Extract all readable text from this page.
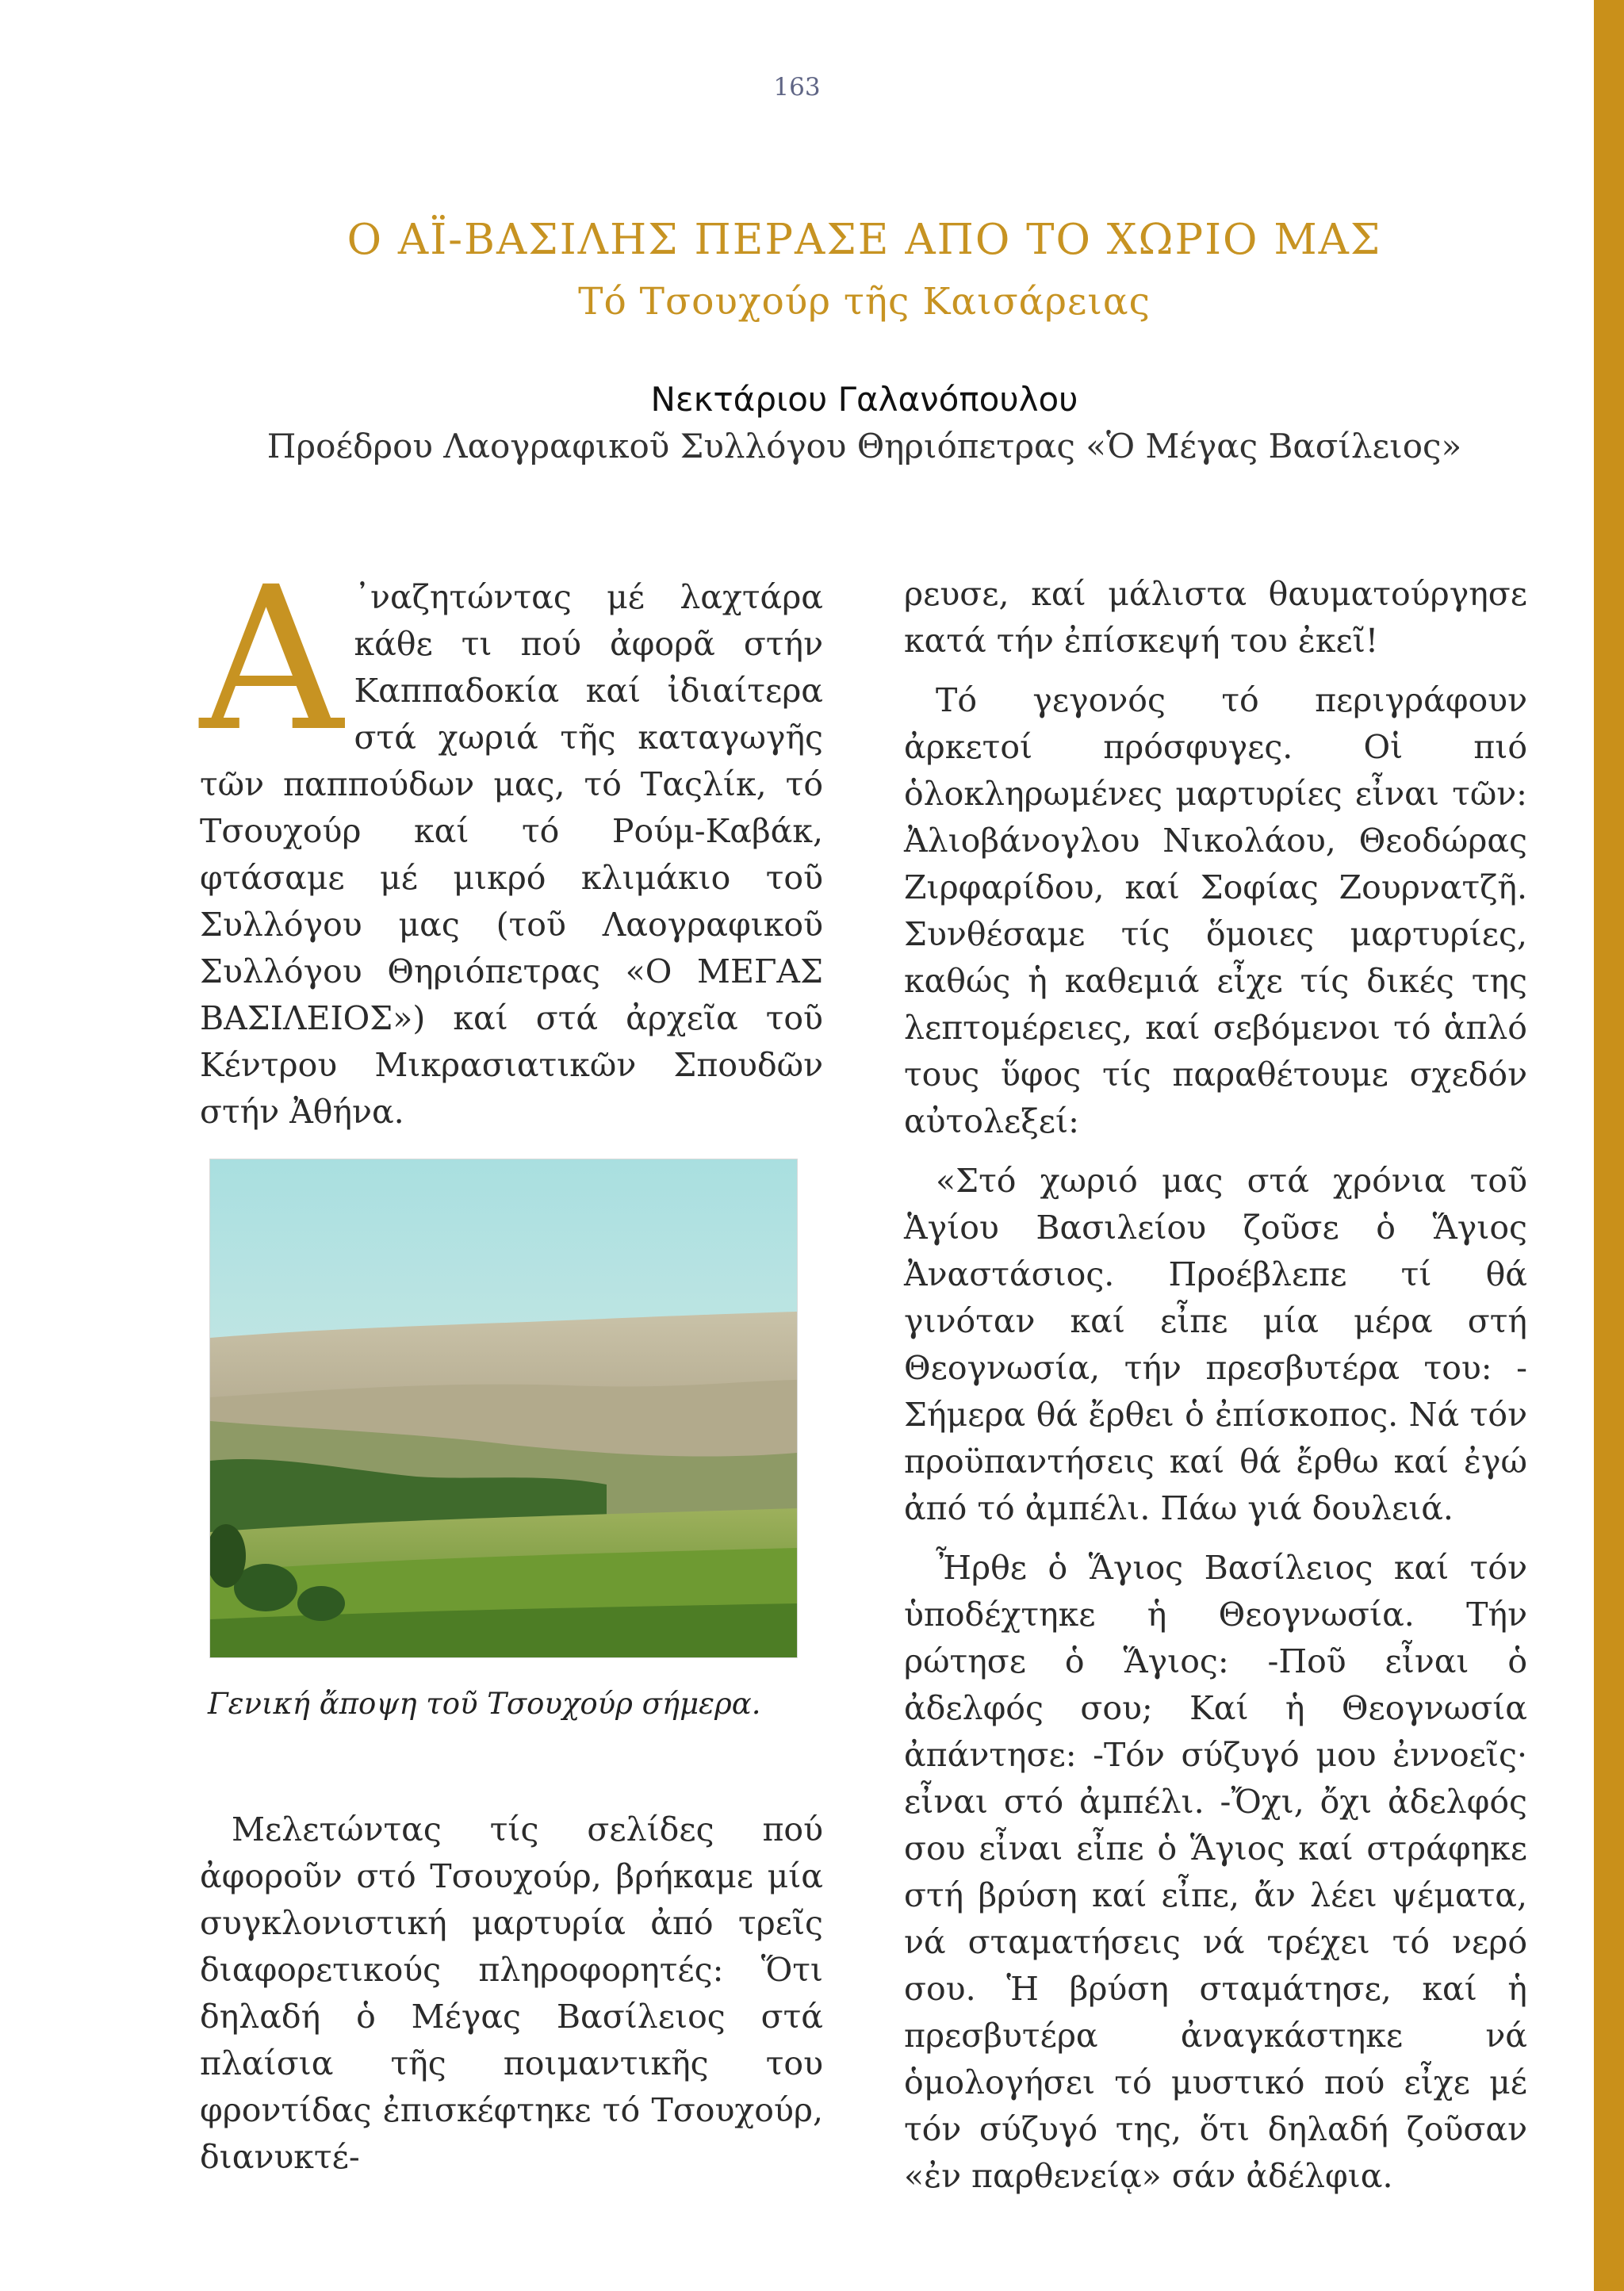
163
Ο ΑΪ-ΒΑΣΙΛΗΣ ΠΕΡΑΣΕ ΑΠΟ ΤΟ ΧΩΡΙΟ ΜΑΣ
Τό Τσουχούρ τῆς Καισάρειας
Νεκτάριου Γαλανόπουλου
Προέδρου Λαογραφικοῦ Συλλόγου Θηριόπετρας «Ὁ Μέγας Βασίλειος»

Α ᾽ναζητώντας μέ λαχτάρα κάθε τι πού ἀφορᾶ στήν Καππαδοκία καί ἰδιαίτερα στά χωριά τῆς καταγωγῆς τῶν παππούδων μας, τό Ταςλίκ, τό Τσουχούρ καί τό Ρούμ-Καβάκ, φτάσαμε μέ μικρό κλιμάκιο τοῦ Συλλόγου μας (τοῦ Λαογραφικοῦ Συλλόγου Θηριόπετρας «Ο ΜΕΓΑΣ ΒΑΣΙΛΕΙΟΣ») καί στά ἀρχεῖα τοῦ Κέντρου Μικρασιατικῶν Σπουδῶν στήν Ἀθήνα.

Γενική ἄποψη τοῦ Τσουχούρ σήμερα.

Μελετώντας τίς σελίδες πού ἀφοροῦν στό Τσουχούρ, βρήκαμε μία συγκλονιστική μαρτυρία ἀπό τρεῖς διαφορετικούς πληροφορητές: Ὅτι δηλαδή ὁ Μέγας Βασίλειος στά πλαίσια τῆς ποιμαντικῆς του φροντίδας ἐπισκέφτηκε τό Τσουχούρ, διανυκτέ-

ρευσε, καί μάλιστα θαυματούργησε κατά τήν ἐπίσκεψή του ἐκεῖ!

Τό γεγονός τό περιγράφουν ἀρκετοί πρόσφυγες. Οἱ πιό ὁλοκληρωμένες μαρτυρίες εἶναι τῶν: Ἀλιοβάνογλου Νικολάου, Θεοδώρας Ζιρφαρίδου, καί Σοφίας Ζουρνατζῆ. Συνθέσαμε τίς ὅμοιες μαρτυρίες, καθώς ἡ καθεμιά εἶχε τίς δικές της λεπτομέρειες, καί σεβόμενοι τό ἁπλό τους ὕφος τίς παραθέτουμε σχεδόν αὐτολεξεί:

«Στό χωριό μας στά χρόνια τοῦ Ἁγίου Βασιλείου ζοῦσε ὁ Ἅγιος Ἀναστάσιος. Προέβλεπε τί θά γινόταν καί εἶπε μία μέρα στή Θεογνωσία, τήν πρεσβυτέρα του: - Σήμερα θά ἔρθει ὁ ἐπίσκοπος. Νά τόν προϋπαντήσεις καί θά ἔρθω καί ἐγώ ἀπό τό ἀμπέλι. Πάω γιά δουλειά.

Ἦρθε ὁ Ἅγιος Βασίλειος καί τόν ὑποδέχτηκε ἡ Θεογνωσία. Τήν ρώτησε ὁ Ἅγιος: -Ποῦ εἶναι ὁ ἀδελφός σου; Καί ἡ Θεογνωσία ἀπάντησε: -Τόν σύζυγό μου ἐννοεῖς· εἶναι στό ἀμπέλι. -Ὄχι, ὄχι ἀδελφός σου εἶναι εἶπε ὁ Ἅγιος καί στράφηκε στή βρύση καί εἶπε, ἄν λέει ψέματα, νά σταματήσεις νά τρέχει τό νερό σου. Ἡ βρύση σταμάτησε, καί ἡ πρεσβυτέρα ἀναγκάστηκε νά ὁμολογήσει τό μυστικό πού εἶχε μέ τόν σύζυγό της, ὅτι δηλαδή ζοῦσαν «ἐν παρθενείᾳ» σάν ἀδέλφια.
